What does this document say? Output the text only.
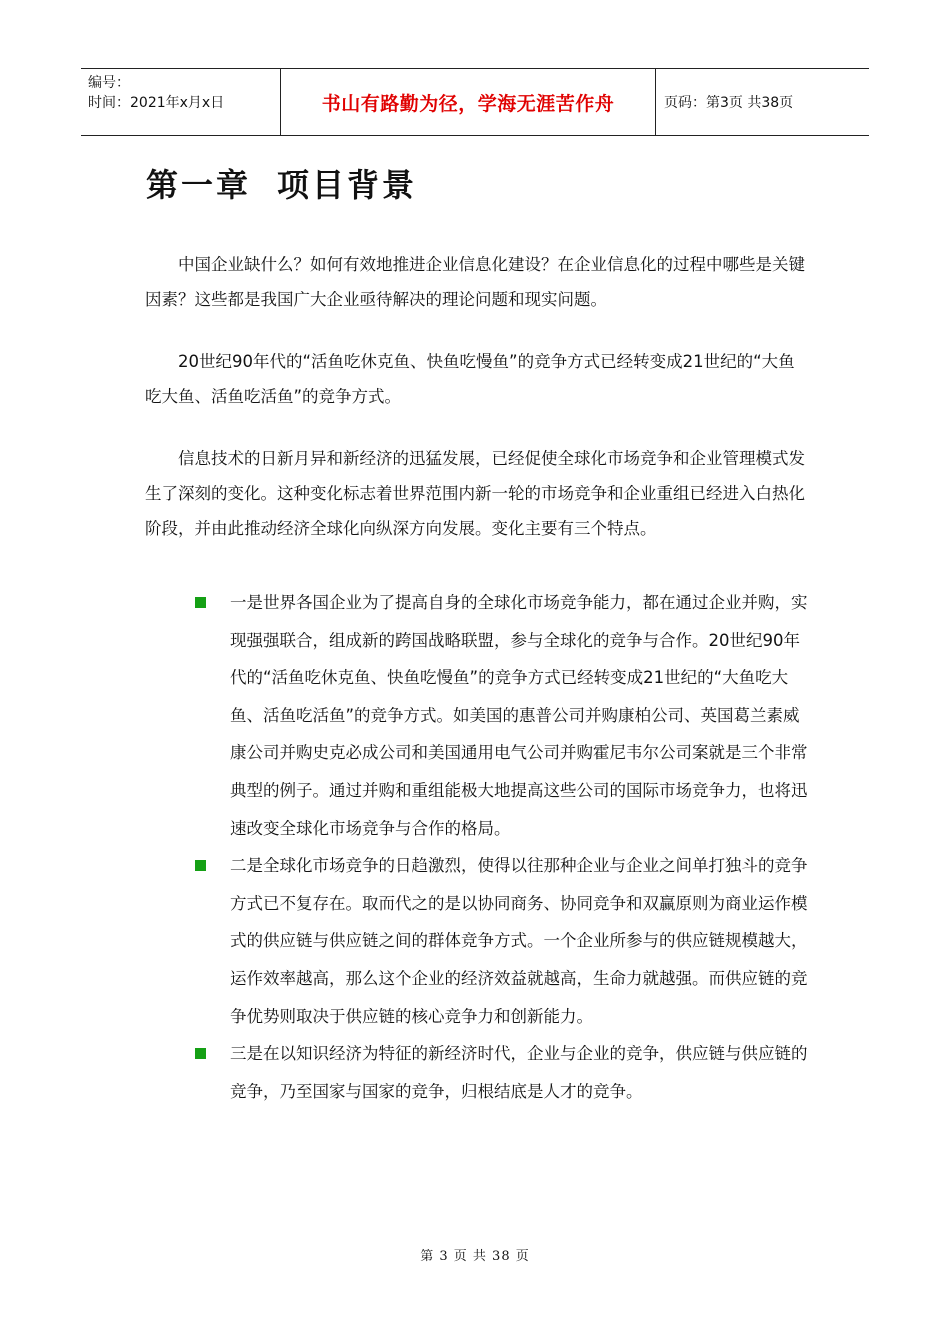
编号：
时间：2021年x月x日	书山有路勤为径，学海无涯苦作舟	页码：第3页 共38页
第一章 项目背景

中国企业缺什么？如何有效地推进企业信息化建设？在企业信息化的过程中哪些是关键因素？这些都是我国广大企业亟待解决的理论问题和现实问题。

20世纪90年代的“活鱼吃休克鱼、快鱼吃慢鱼”的竞争方式已经转变成21世纪的“大鱼吃大鱼、活鱼吃活鱼”的竞争方式。

信息技术的日新月异和新经济的迅猛发展，已经促使全球化市场竞争和企业管理模式发生了深刻的变化。这种变化标志着世界范围内新一轮的市场竞争和企业重组已经进入白热化阶段，并由此推动经济全球化向纵深方向发展。变化主要有三个特点。

一是世界各国企业为了提高自身的全球化市场竞争能力，都在通过企业并购，实现强强联合，组成新的跨国战略联盟，参与全球化的竞争与合作。20世纪90年代的“活鱼吃休克鱼、快鱼吃慢鱼”的竞争方式已经转变成21世纪的“大鱼吃大鱼、活鱼吃活鱼”的竞争方式。如美国的惠普公司并购康柏公司、英国葛兰素威康公司并购史克必成公司和美国通用电气公司并购霍尼韦尔公司案就是三个非常典型的例子。通过并购和重组能极大地提高这些公司的国际市场竞争力，也将迅速改变全球化市场竞争与合作的格局。
二是全球化市场竞争的日趋激烈，使得以往那种企业与企业之间单打独斗的竞争方式已不复存在。取而代之的是以协同商务、协同竞争和双赢原则为商业运作模式的供应链与供应链之间的群体竞争方式。一个企业所参与的供应链规模越大，运作效率越高，那么这个企业的经济效益就越高，生命力就越强。而供应链的竞争优势则取决于供应链的核心竞争力和创新能力。
三是在以知识经济为特征的新经济时代，企业与企业的竞争，供应链与供应链的竞争，乃至国家与国家的竞争，归根结底是人才的竞争。
第 3 页 共 38 页
